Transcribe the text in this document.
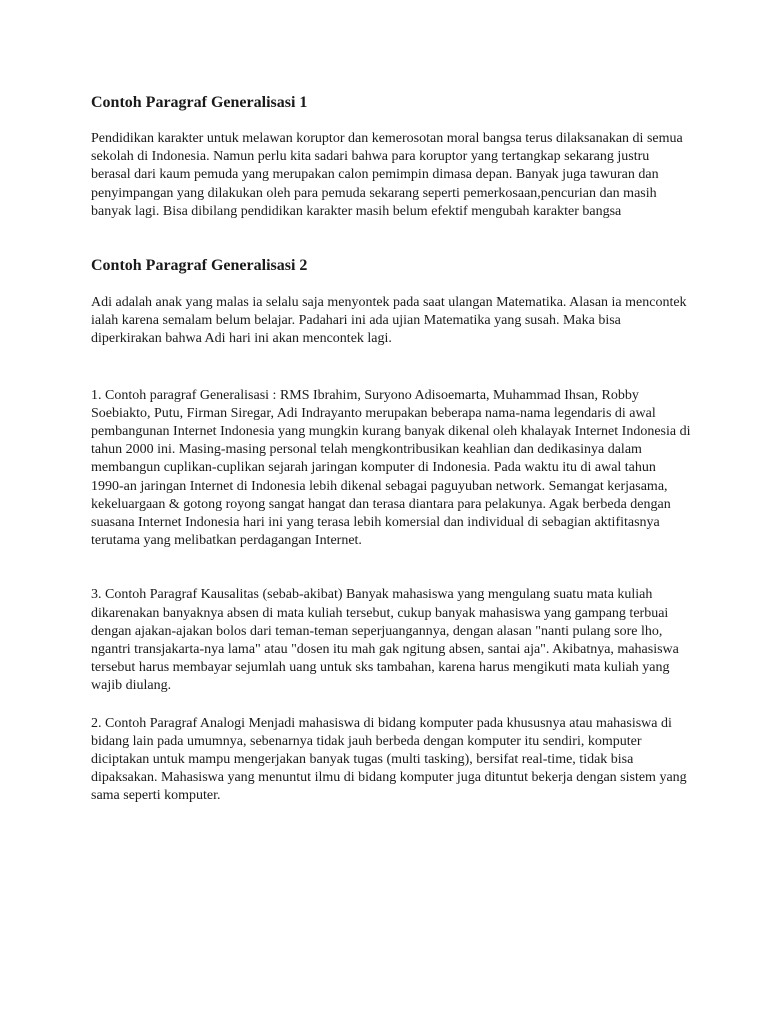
Contoh Paragraf Generalisasi 1

Pendidikan karakter untuk melawan koruptor dan kemerosotan moral bangsa terus dilaksanakan di semua sekolah di Indonesia. Namun perlu kita sadari bahwa para koruptor yang tertangkap sekarang justru berasal dari kaum pemuda yang merupakan calon pemimpin dimasa depan. Banyak juga tawuran dan penyimpangan yang dilakukan oleh para pemuda sekarang seperti pemerkosaan,pencurian dan masih banyak lagi. Bisa dibilang pendidikan karakter masih belum efektif mengubah karakter bangsa

Contoh Paragraf Generalisasi 2

Adi adalah anak yang malas ia selalu saja menyontek pada saat ulangan Matematika. Alasan ia mencontek ialah karena semalam belum belajar. Padahari ini ada ujian Matematika yang susah. Maka bisa diperkirakan bahwa Adi hari ini akan mencontek lagi.

1. Contoh paragraf Generalisasi : RMS Ibrahim, Suryono Adisoemarta, Muhammad Ihsan, Robby Soebiakto, Putu, Firman Siregar, Adi Indrayanto merupakan beberapa nama-nama legendaris di awal pembangunan Internet Indonesia yang mungkin kurang banyak dikenal oleh khalayak Internet Indonesia di tahun 2000 ini. Masing-masing personal telah mengkontribusikan keahlian dan dedikasinya dalam membangun cuplikan-cuplikan sejarah jaringan komputer di Indonesia. Pada waktu itu di awal tahun 1990-an jaringan Internet di Indonesia lebih dikenal sebagai paguyuban network. Semangat kerjasama, kekeluargaan & gotong royong sangat hangat dan terasa diantara para pelakunya. Agak berbeda dengan suasana Internet Indonesia hari ini yang terasa lebih komersial dan individual di sebagian aktifitasnya terutama yang melibatkan perdagangan Internet.

3. Contoh Paragraf Kausalitas (sebab-akibat) Banyak mahasiswa yang mengulang suatu mata kuliah dikarenakan banyaknya absen di mata kuliah tersebut, cukup banyak mahasiswa yang gampang terbuai dengan ajakan-ajakan bolos dari teman-teman seperjuangannya, dengan alasan "nanti pulang sore lho, ngantri transjakarta-nya lama" atau "dosen itu mah gak ngitung absen, santai aja". Akibatnya, mahasiswa tersebut harus membayar sejumlah uang untuk sks tambahan, karena harus mengikuti mata kuliah yang wajib diulang.

2. Contoh Paragraf Analogi Menjadi mahasiswa di bidang komputer pada khususnya atau mahasiswa di bidang lain pada umumnya, sebenarnya tidak jauh berbeda dengan komputer itu sendiri, komputer diciptakan untuk mampu mengerjakan banyak tugas (multi tasking), bersifat real-time, tidak bisa dipaksakan. Mahasiswa yang menuntut ilmu di bidang komputer juga dituntut bekerja dengan sistem yang sama seperti komputer.
